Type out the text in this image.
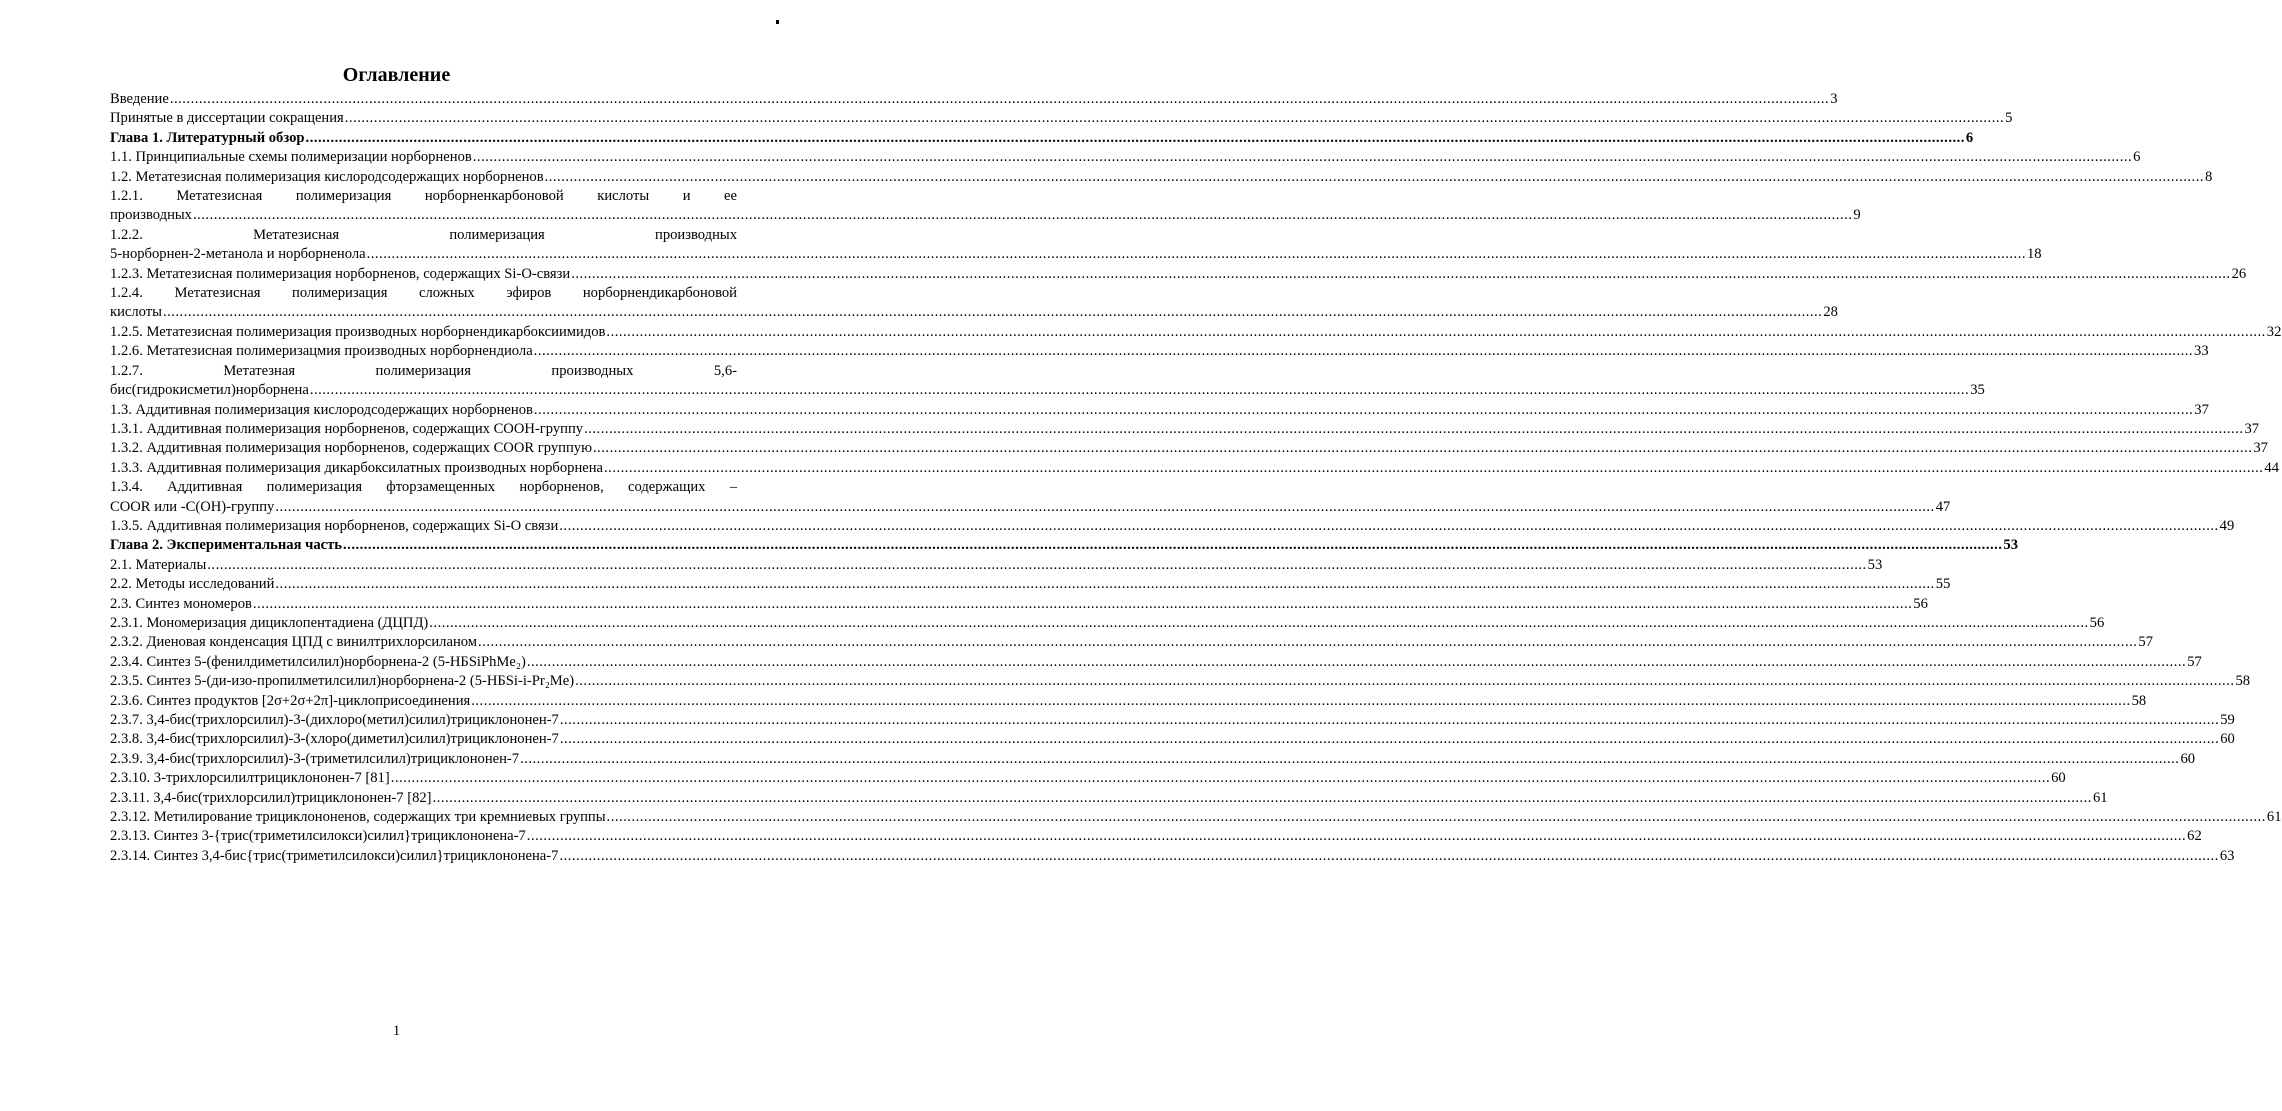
Оглавление
Введение ................................................................................................................................................................................................................................................................................................................................................................................................................ 3
Принятые в диссертации сокращения ................................................................................................................................................................................................................................................................................................................................................................................................................ 5
Глава 1. Литературный обзор ................................................................................................................................................................................................................................................................................................................................................................................................................ 6
1.1. Принципиальные схемы полимеризации норборненов ................................................................................................................................................................................................................................................................................................................................................................................................................ 6
1.2. Метатезисная полимеризация кислородсодержащих норборненов ................................................................................................................................................................................................................................................................................................................................................................................................................ 8
1.2.1. Метатезисная полимеризация норборненкарбоновой кислоты и ее
производных ................................................................................................................................................................................................................................................................................................................................................................................................................ 9
1.2.2. Метатезисная полимеризация производных
5-норборнен-2-метанола и норборненола ................................................................................................................................................................................................................................................................................................................................................................................................................ 18
1.2.3. Метатезисная полимеризация норборненов, содержащих Si-O-связи ................................................................................................................................................................................................................................................................................................................................................................................................................ 26
1.2.4. Метатезисная полимеризация сложных эфиров норборнендикарбоновой
кислоты ................................................................................................................................................................................................................................................................................................................................................................................................................ 28
1.2.5. Метатезисная полимеризация производных норборнендикарбоксиимидов ................................................................................................................................................................................................................................................................................................................................................................................................................ 32
1.2.6. Метатезисная полимеризацмия производных норборнендиола ................................................................................................................................................................................................................................................................................................................................................................................................................ 33
1.2.7. Метатезная полимеризация производных 5,6-
бис(гидрокисметил)норборнена ................................................................................................................................................................................................................................................................................................................................................................................................................ 35
1.3. Аддитивная полимеризация кислородсодержащих норборненов ................................................................................................................................................................................................................................................................................................................................................................................................................ 37
1.3.1. Аддитивная полимеризация норборненов, содержащих СООН-группу ................................................................................................................................................................................................................................................................................................................................................................................................................ 37
1.3.2. Аддитивная полимеризация норборненов, содержащих COOR группую ................................................................................................................................................................................................................................................................................................................................................................................................................ 37
1.3.3. Аддитивная полимеризация дикарбоксилатных производных норборнена ................................................................................................................................................................................................................................................................................................................................................................................................................ 44
1.3.4. Аддитивная полимеризация фторзамещенных норборненов, содержащих –
COOR или -С(ОН)-группу ................................................................................................................................................................................................................................................................................................................................................................................................................ 47
1.3.5. Аддитивная полимеризация норборненов, содержащих Si-O связи ................................................................................................................................................................................................................................................................................................................................................................................................................ 49
Глава 2. Экспериментальная часть ................................................................................................................................................................................................................................................................................................................................................................................................................ 53
2.1. Материалы ................................................................................................................................................................................................................................................................................................................................................................................................................ 53
2.2. Методы исследований ................................................................................................................................................................................................................................................................................................................................................................................................................ 55
2.3. Синтез мономеров ................................................................................................................................................................................................................................................................................................................................................................................................................ 56
2.3.1. Мономеризация дициклопентадиена (ДЦПД) ................................................................................................................................................................................................................................................................................................................................................................................................................ 56
2.3.2. Диеновая конденсация ЦПД с винилтрихлорсиланом ................................................................................................................................................................................................................................................................................................................................................................................................................ 57
2.3.4. Синтез 5-(фенилдиметилсилил)норборнена-2 (5-НБSiPhMe₂) ................................................................................................................................................................................................................................................................................................................................................................................................................ 57
2.3.5. Синтез 5-(ди-изо-пропилметилсилил)норборнена-2 (5-НБSi-i-Pr₂Me) ................................................................................................................................................................................................................................................................................................................................................................................................................ 58
2.3.6. Синтез продуктов [2σ+2σ+2π]-циклоприсоединения ................................................................................................................................................................................................................................................................................................................................................................................................................ 58
2.3.7. 3,4-бис(трихлорсилил)-3-(дихлоро(метил)силил)трициклононен-7 ................................................................................................................................................................................................................................................................................................................................................................................................................ 59
2.3.8. 3,4-бис(трихлорсилил)-3-(хлоро(диметил)силил)трициклононен-7 ................................................................................................................................................................................................................................................................................................................................................................................................................ 60
2.3.9. 3,4-бис(трихлорсилил)-3-(триметилсилил)трициклононен-7 ................................................................................................................................................................................................................................................................................................................................................................................................................ 60
2.3.10. 3-трихлорсилилтрициклононен-7 [81] ................................................................................................................................................................................................................................................................................................................................................................................................................ 60
2.3.11. 3,4-бис(трихлорсилил)трициклононен-7 [82] ................................................................................................................................................................................................................................................................................................................................................................................................................ 61
2.3.12. Метилирование трициклононенов, содержащих три кремниевых группы ................................................................................................................................................................................................................................................................................................................................................................................................................ 61
2.3.13. Синтез 3-{трис(триметилсилокси)силил}трициклононена-7 ................................................................................................................................................................................................................................................................................................................................................................................................................ 62
2.3.14. Синтез 3,4-бис{трис(триметилсилокси)силил}трициклононена-7 ................................................................................................................................................................................................................................................................................................................................................................................................................ 63
1
